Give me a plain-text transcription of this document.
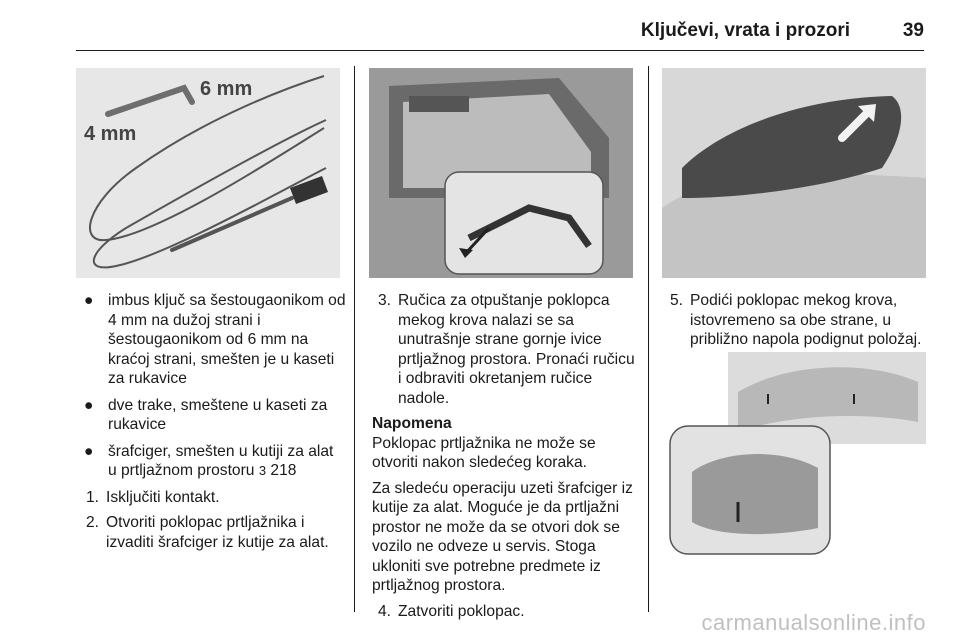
Ključevi, vrata i prozori	39
6 mm
4 mm
● imbus ključ sa šestougaonikom od 4 mm na dužoj strani i šestougaonikom od 6 mm na kraćoj strani, smešten je u kaseti za rukavice
● dve trake, smeštene u kaseti za rukavice
● šrafciger, smešten u kutiji za alat u prtljažnom prostoru 3 218
1. Isključiti kontakt.
2. Otvoriti poklopac prtljažnika i izvaditi šrafciger iz kutije za alat.
3. Ručica za otpuštanje poklopca mekog krova nalazi se sa unutrašnje strane gornje ivice prtljažnog prostora. Pronaći ručicu i odbraviti okretanjem ručice nadole.
Napomena
Poklopac prtljažnika ne može se otvoriti nakon sledećeg koraka.
Za sledeću operaciju uzeti šrafciger iz kutije za alat. Moguće je da prtljažni prostor ne može da se otvori dok se vozilo ne odveze u servis. Stoga ukloniti sve potrebne predmete iz prtljažnog prostora.
4. Zatvoriti poklopac.
5. Podići poklopac mekog krova, istovremeno sa obe strane, u približno napola podignut položaj.
carmanualsonline.info
